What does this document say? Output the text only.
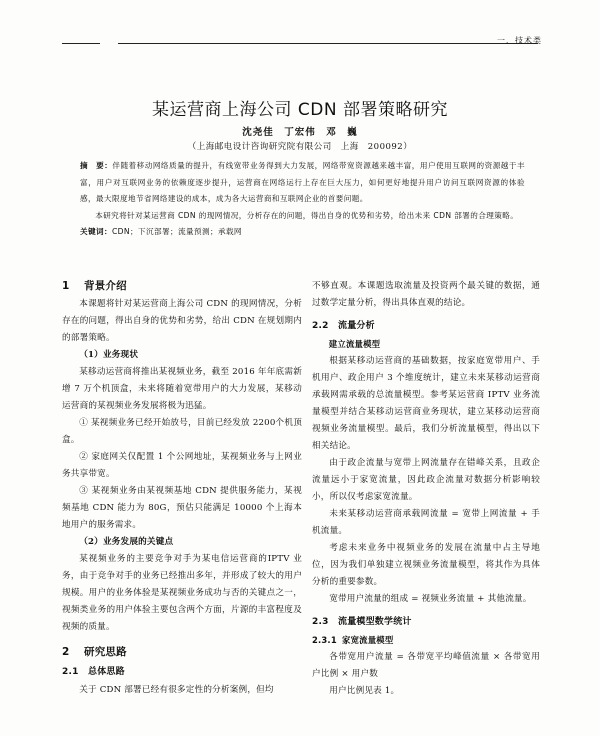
一、技术类
某运营商上海公司 CDN 部署策略研究
沈尧佳　丁宏伟　邓　巍
（上海邮电设计咨询研究院有限公司　上海　200092）

摘　要：伴随着移动网络质量的提升，有线宽带业务得到大力发展，网络带宽资源越来越丰富，用户使用互联网的资源越于丰富，用户对互联网业务的依赖度逐步提升，运营商在网络运行上存在巨大压力，如何更好地提升用户访问互联网资源的体验感，最大限度地节省网络建设的成本，成为各大运营商和互联网企业的首要问题。

本研究将针对某运营商 CDN 的现网情况，分析存在的问题，得出自身的优势和劣势，给出未来 CDN 部署的合理策略。

关键词：CDN；下沉部署；流量预测；承载网

1 背景介绍

本课题将针对某运营商上海公司 CDN 的现网情况，分析存在的问题，得出自身的优势和劣势，给出 CDN 在规划期内的部署策略。

（1）业务现状

某移动运营商将推出某视频业务，截至 2016 年年底需新增 7 万个机顶盒，未来将随着宽带用户的大力发展，某移动运营商的某视频业务发展将极为迅猛。

① 某视频业务已经开始放号，目前已经发放 2200个机顶盒。

② 家庭网关仅配置 1 个公网地址，某视频业务与上网业务共享带宽。

③ 某视频业务由某视频基地 CDN 提供服务能力，某视频基地 CDN 能力为 80G，预估只能满足 10000 个上海本地用户的服务需求。

（2）业务发展的关键点

某视频业务的主要竞争对手为某电信运营商的IPTV 业务，由于竞争对手的业务已经推出多年，并形成了较大的用户规模。用户的业务体验是某视频业务成功与否的关键点之一，视频类业务的用户体验主要包含两个方面，片源的丰富程度及视频的质量。

2 研究思路

2.1 总体思路

关于 CDN 部署已经有很多定性的分析案例，但均

不够直观。本课题选取流量及投资两个最关键的数据，通过数学定量分析，得出具体直观的结论。

2.2 流量分析

建立流量模型

根据某移动运营商的基础数据，按家庭宽带用户、手机用户、政企用户 3 个维度统计，建立未来某移动运营商承载网需承载的总流量模型。参考某运营商 IPTV 业务流量模型并结合某移动运营商业务现状，建立某移动运营商视频业务流量模型。最后，我们分析流量模型，得出以下相关结论。

由于政企流量与宽带上网流量存在错峰关系，且政企流量远小于家宽流量，因此政企流量对数据分析影响较小，所以仅考虑家宽流量。

未来某移动运营商承载网流量 = 宽带上网流量 + 手机流量。

考虑未来业务中视频业务的发展在流量中占主导地位，因为我们单独建立视频业务流量模型，将其作为具体分析的重要参数。

宽带用户流量的组成 = 视频业务流量 + 其他流量。

2.3 流量模型数学统计

2.3.1 家宽流量模型

各带宽用户流量 = 各带宽平均峰值流量 × 各带宽用户比例 × 用户数

用户比例见表 1。
